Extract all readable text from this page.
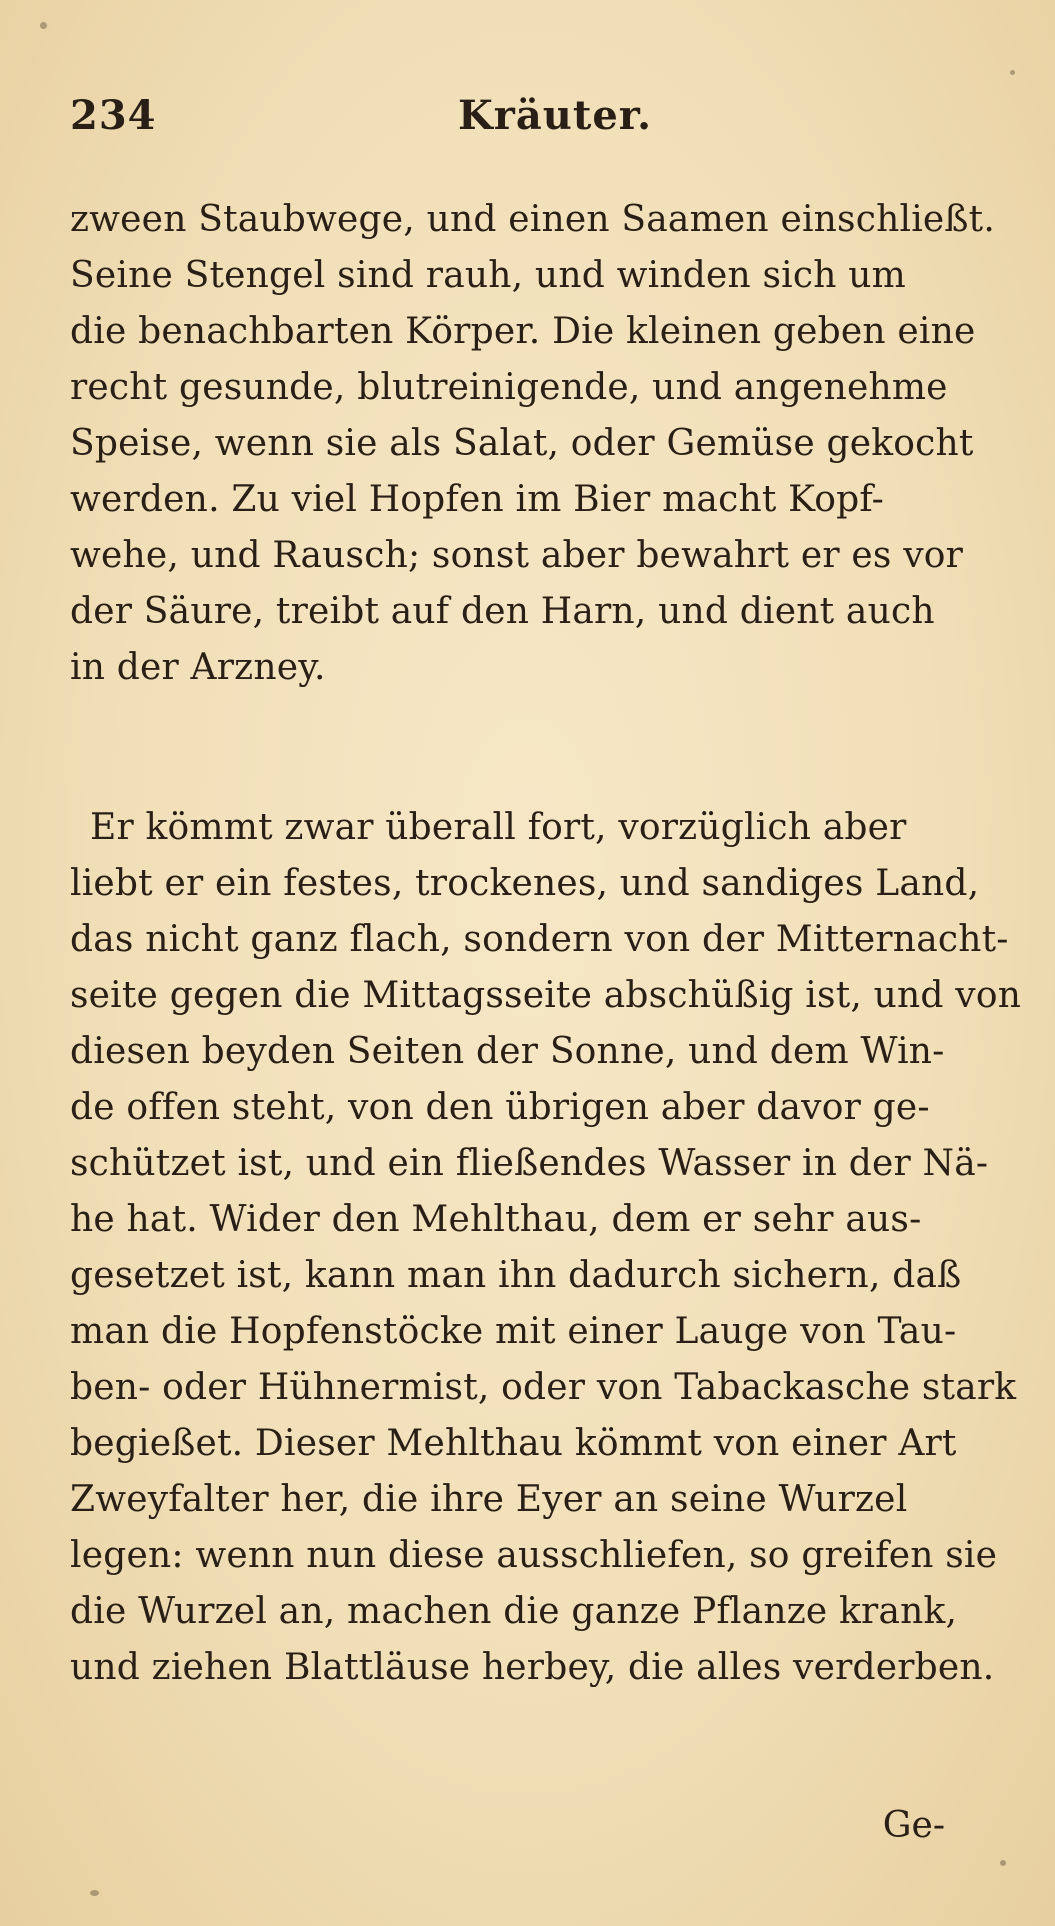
234	Kräuter.
zween Staubwege, und einen Saamen einschließt.
Seine Stengel sind rauh, und winden sich um
die benachbarten Körper. Die kleinen geben eine
recht gesunde, blutreinigende, und angenehme
Speise, wenn sie als Salat, oder Gemüse gekocht
werden. Zu viel Hopfen im Bier macht Kopf-
wehe, und Rausch; sonst aber bewahrt er es vor
der Säure, treibt auf den Harn, und dient auch
in der Arzney.
Er kömmt zwar überall fort, vorzüglich aber
liebt er ein festes, trockenes, und sandiges Land,
das nicht ganz flach, sondern von der Mitternacht-
seite gegen die Mittagsseite abschüßig ist, und von
diesen beyden Seiten der Sonne, und dem Win-
de offen steht, von den übrigen aber davor ge-
schützet ist, und ein fließendes Wasser in der Nä-
he hat. Wider den Mehlthau, dem er sehr aus-
gesetzet ist, kann man ihn dadurch sichern, daß
man die Hopfenstöcke mit einer Lauge von Tau-
ben- oder Hühnermist, oder von Tabackasche stark
begießet. Dieser Mehlthau kömmt von einer Art
Zweyfalter her, die ihre Eyer an seine Wurzel
legen: wenn nun diese ausschliefen, so greifen sie
die Wurzel an, machen die ganze Pflanze krank,
und ziehen Blattläuse herbey, die alles verderben.
Ge-
